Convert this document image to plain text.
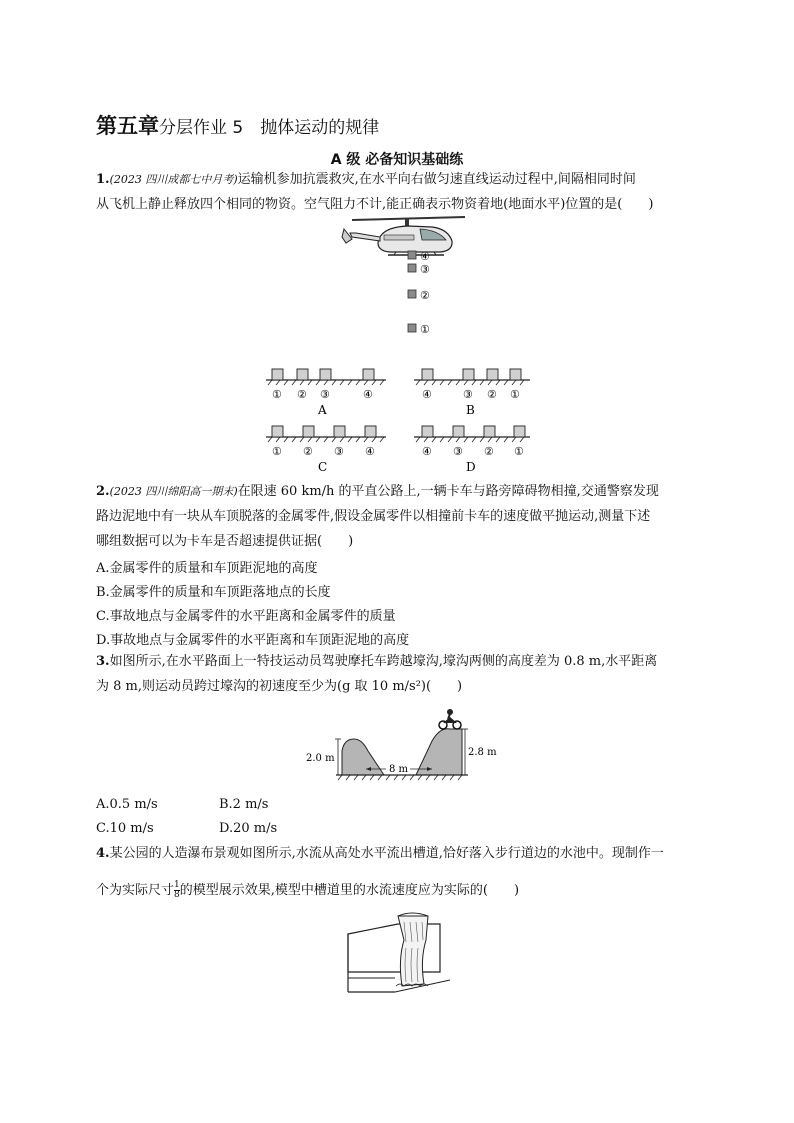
第五章分层作业 5　抛体运动的规律
A 级 必备知识基础练
1.(2023 四川成都七中月考)运输机参加抗震救灾,在水平向右做匀速直线运动过程中,间隔相同时间
从飞机上静止释放四个相同的物资。空气阻力不计,能正确表示物资着地(地面水平)位置的是(　　)
④
③
②
①
① ② ③	④
A
④	③ ② ①
B
① ② ③ ④
C
④ ③ ② ①
D
2.(2023 四川绵阳高一期末)在限速 60 km/h 的平直公路上,一辆卡车与路旁障碍物相撞,交通警察发现
路边泥地中有一块从车顶脱落的金属零件,假设金属零件以相撞前卡车的速度做平抛运动,测量下述
哪组数据可以为卡车是否超速提供证据(　　)
A.金属零件的质量和车顶距泥地的高度
B.金属零件的质量和车顶距落地点的长度
C.事故地点与金属零件的水平距离和金属零件的质量
D.事故地点与金属零件的水平距离和车顶距泥地的高度
3.如图所示,在水平路面上一特技运动员驾驶摩托车跨越壕沟,壕沟两侧的高度差为 0.8 m,水平距离
为 8 m,则运动员跨过壕沟的初速度至少为(g 取 10 m/s²)(　　)
2.0 m
2.8 m
8 m
A.0.5 m/s	B.2 m/s
C.10 m/s	D.20 m/s
4.某公园的人造瀑布景观如图所示,水流从高处水平流出槽道,恰好落入步行道边的水池中。现制作一
个为实际尺寸 $\frac{1}{8}$ 的模型展示效果,模型中槽道里的水流速度应为实际的(　　)
